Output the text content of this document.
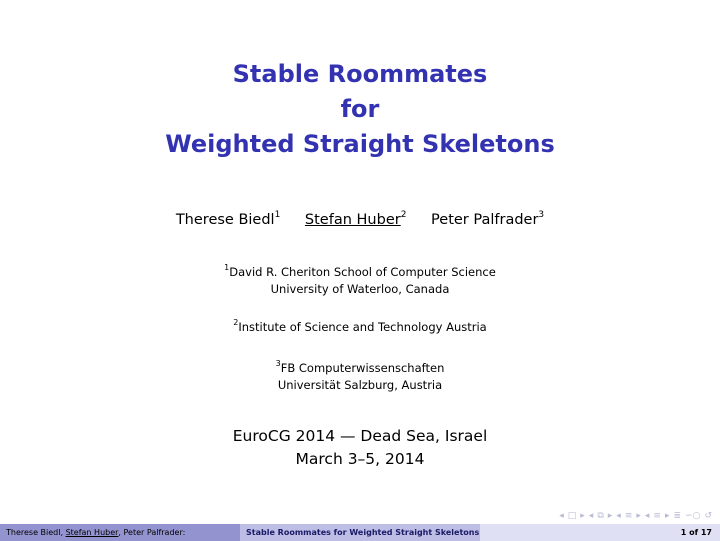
Stable Roommates
for
Weighted Straight Skeletons
Therese Biedl$^1$ Stefan Huber$^2$ Peter Palfrader$^3$
$^1$David R. Cheriton School of Computer Science
University of Waterloo, Canada
$^2$Institute of Science and Technology Austria
$^3$FB Computerwissenschaften
Universität Salzburg, Austria
EuroCG 2014 — Dead Sea, Israel
March 3–5, 2014
◂ □ ▸ ◂ ⧉ ▸ ◂ ≡ ▸ ◂ ≡ ▸ ≣ ∽○ ↺
Therese Biedl, Stefan Huber, Peter Palfrader:	Stable Roommates for Weighted Straight Skeletons	1 of 17
